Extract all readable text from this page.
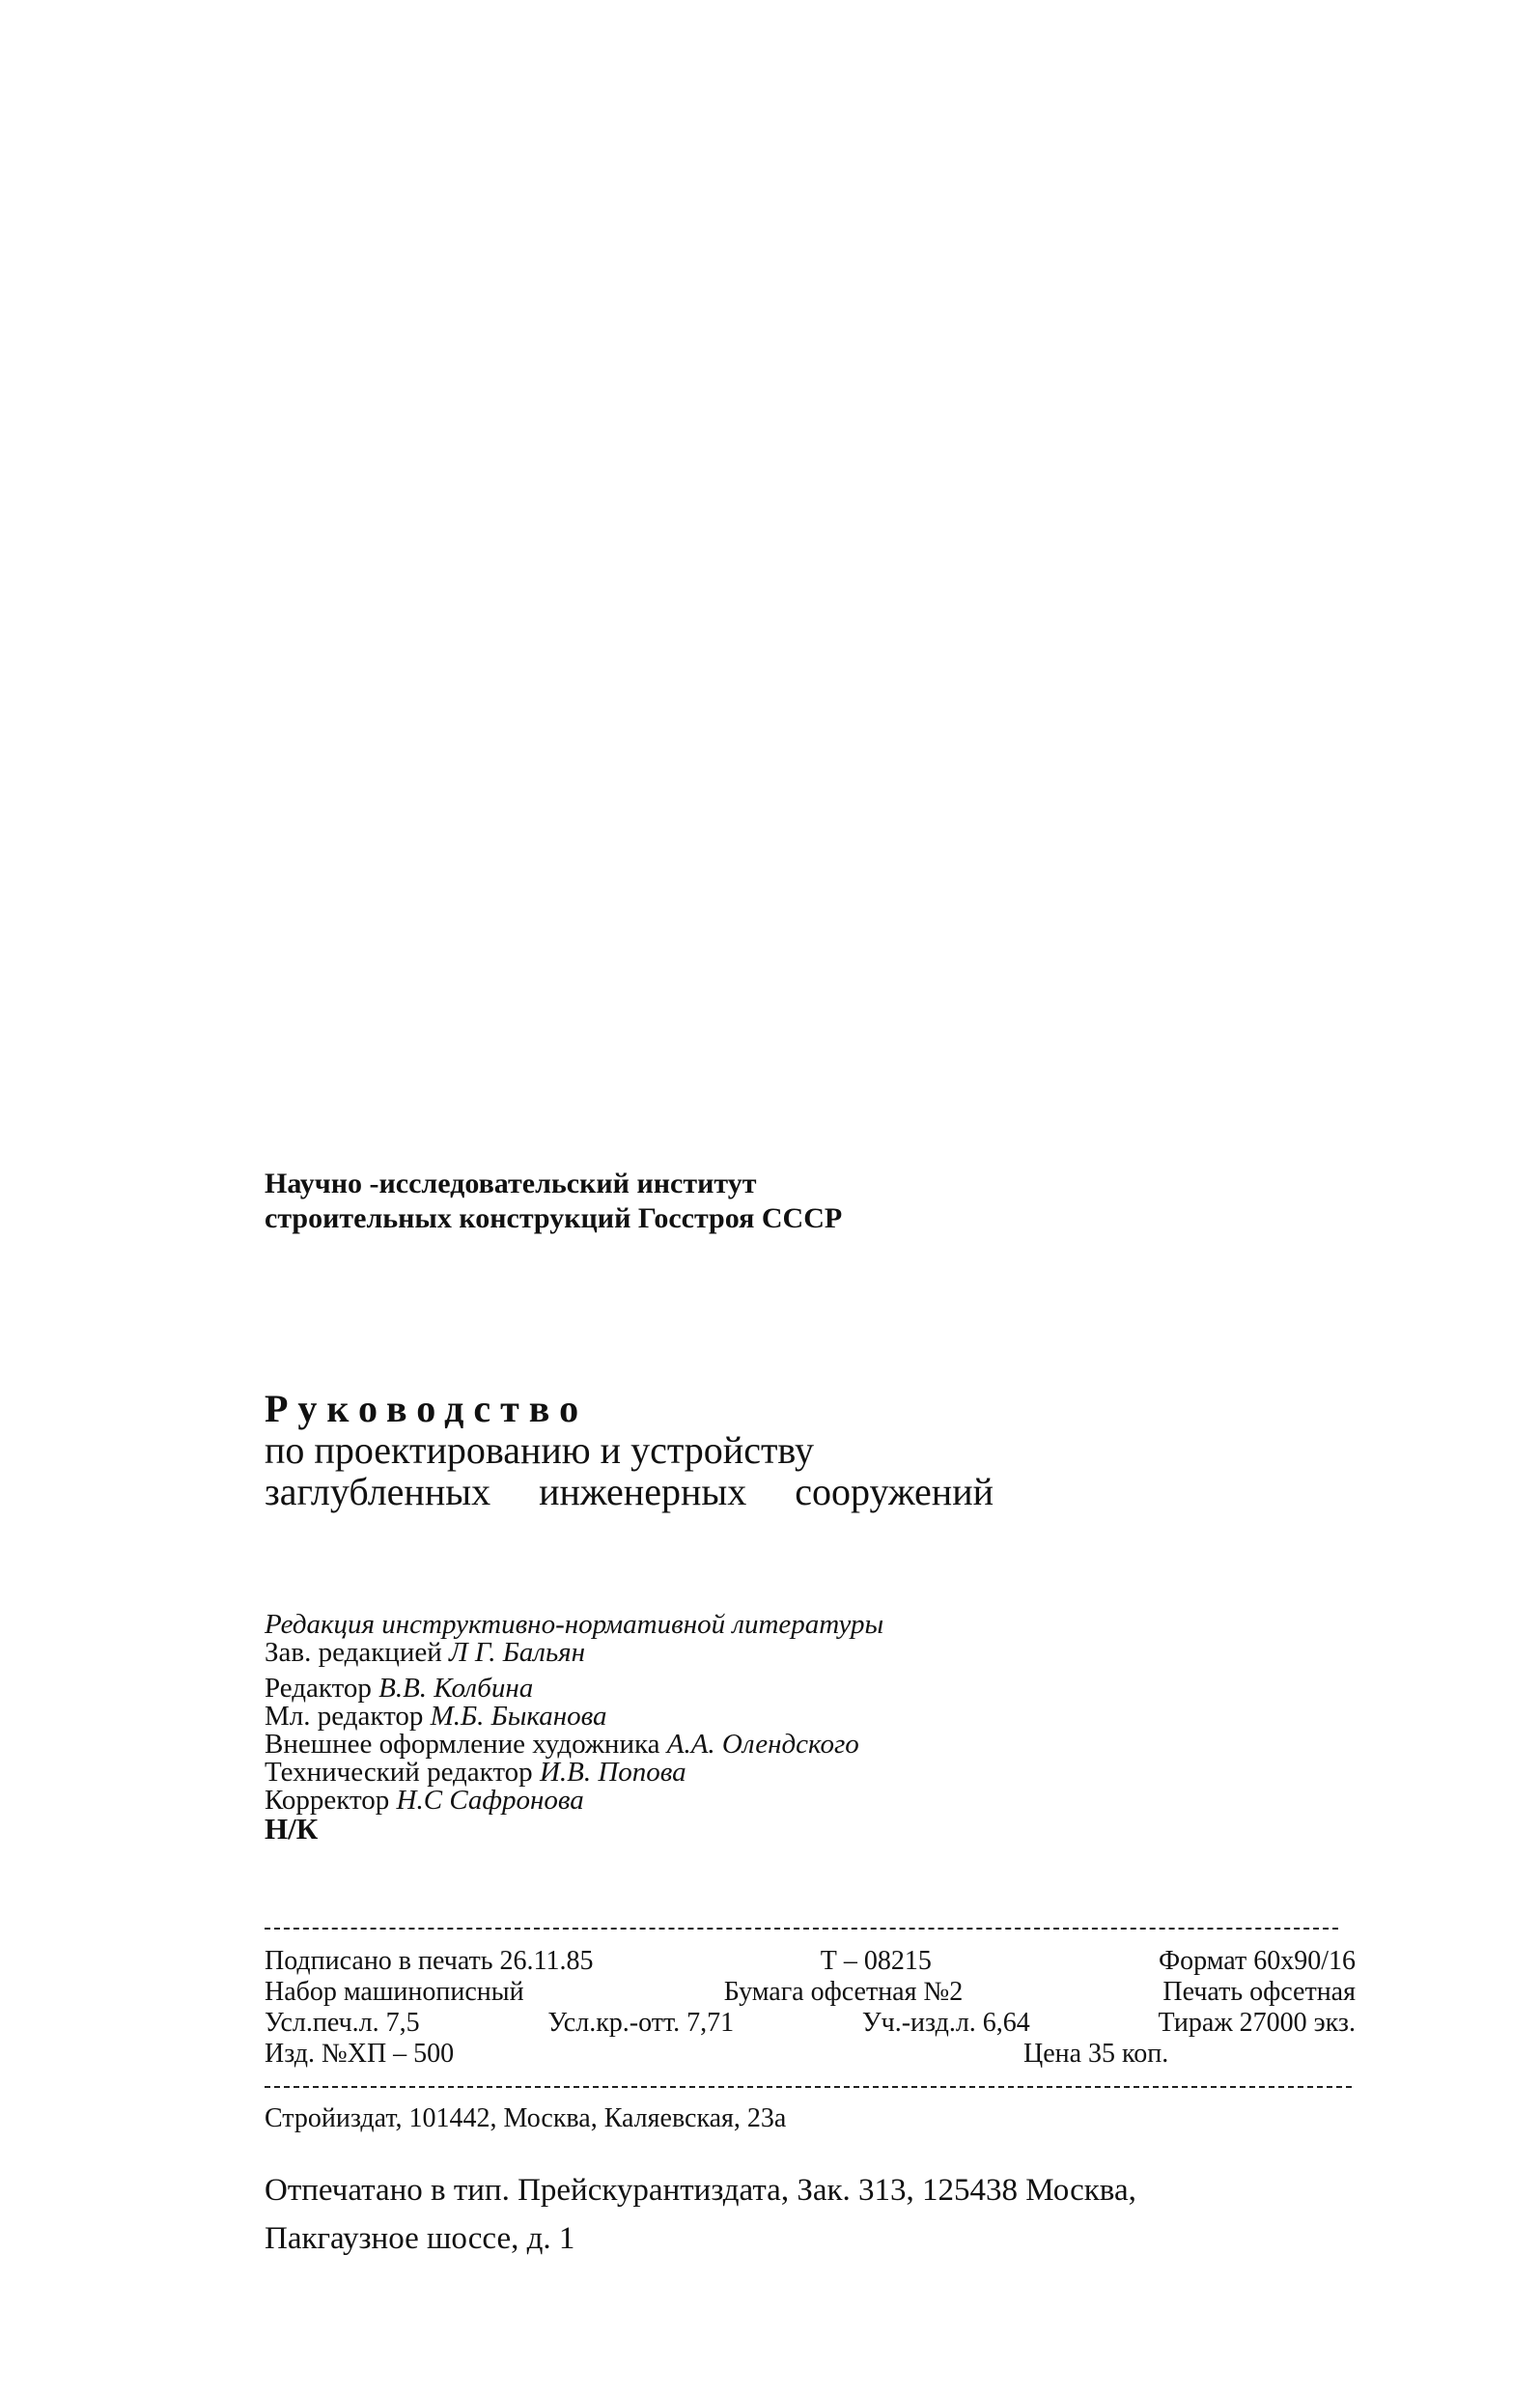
Научно -исследовательский институт
строительных конструкций Госстроя СССР
Руководство
по проектированию и устройству
заглубленных инженерных сооружений
Редакция инструктивно-нормативной литературы
Зав. редакцией Л Г. Бальян
Редактор В.В. Колбина
Мл. редактор М.Б. Быканова
Внешнее оформление художника А.А. Олендского
Технический редактор И.В. Попова
Корректор Н.С Сафронова
Н/К
Подписано в печать 26.11.85	Т – 08215	Формат 60x90/16
Набор машинописный	Бумага офсетная №2	Печать офсетная
Усл.печ.л. 7,5	Усл.кр.-отт. 7,71	Уч.-изд.л. 6,64	Тираж 27000 экз.
Изд. №ХП – 500	Цена 35 коп.
Стройиздат, 101442, Москва, Каляевская, 23а
Отпечатано в тип. Прейскурантиздата, Зак. 313, 125438 Москва,
Пакгаузное шоссе, д. 1
